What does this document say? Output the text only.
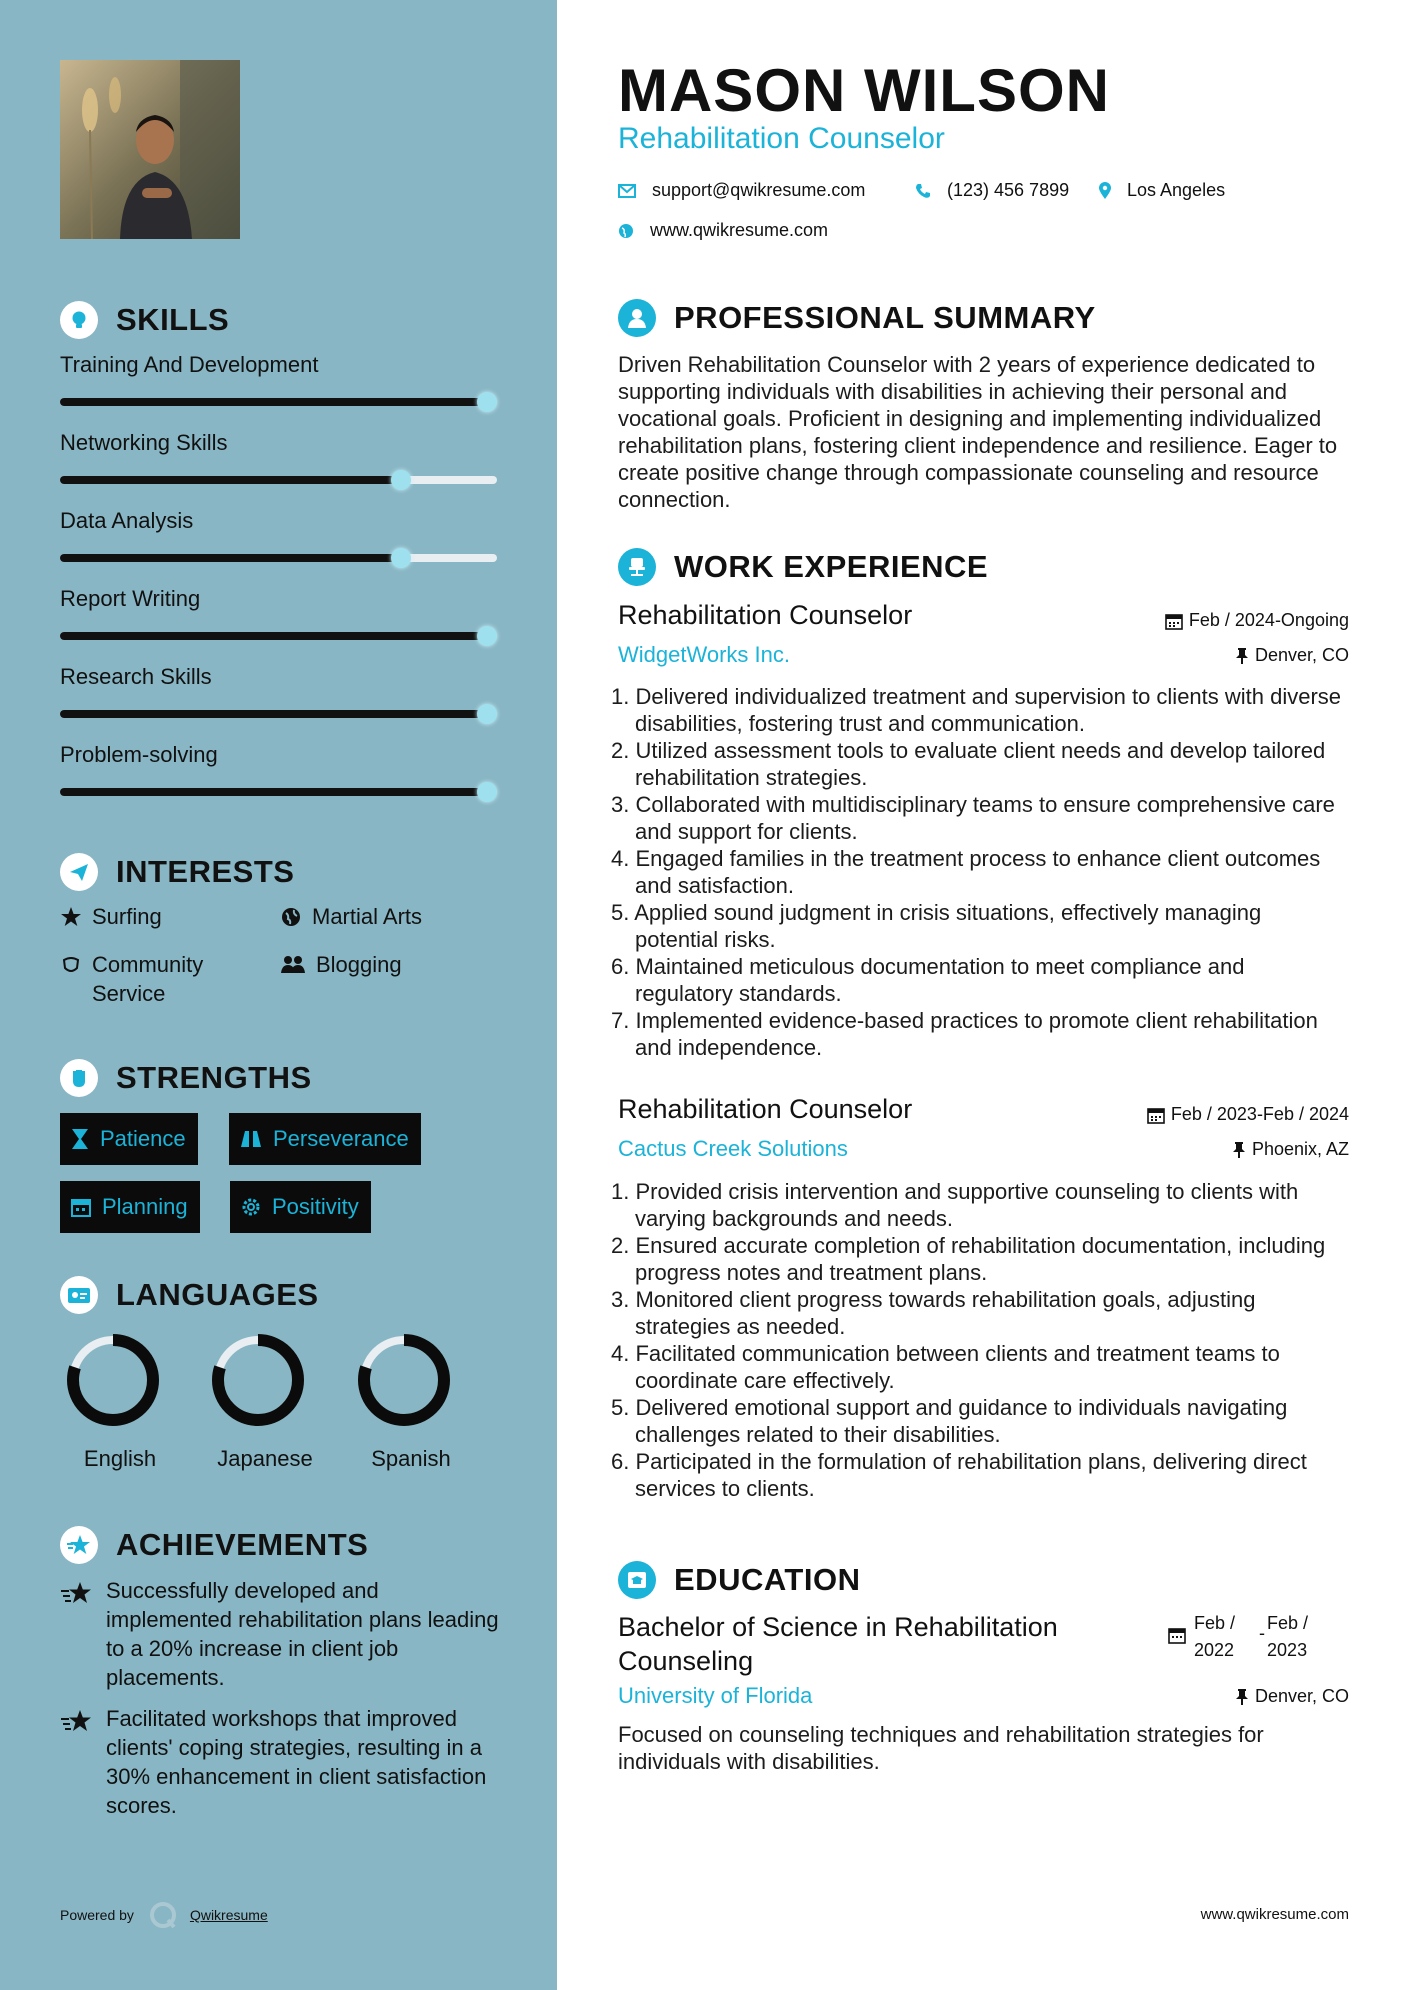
SKILLS
Training And Development
Networking Skills
Data Analysis
Report Writing
Research Skills
Problem-solving
INTERESTS
Surfing	Martial Arts
Community Service
Blogging
STRENGTHS
Patience	Perseverance
Planning	Positivity
LANGUAGES
English	Japanese	Spanish
ACHIEVEMENTS
Successfully developed and implemented rehabilitation plans leading to a 20% increase in client job placements.
Facilitated workshops that improved clients' coping strategies, resulting in a 30% enhancement in client satisfaction scores.
Powered by	Qwikresume
MASON WILSON
Rehabilitation Counselor
support@qwikresume.com	(123) 456 7899	Los Angeles
www.qwikresume.com
PROFESSIONAL SUMMARY
Driven Rehabilitation Counselor with 2 years of experience dedicated to supporting individuals with disabilities in achieving their personal and vocational goals. Proficient in designing and implementing individualized rehabilitation plans, fostering client independence and resilience. Eager to create positive change through compassionate counseling and resource connection.
WORK EXPERIENCE
Rehabilitation Counselor	Feb / 2024-Ongoing
WidgetWorks Inc.	Denver, CO
1. Delivered individualized treatment and supervision to clients with diverse disabilities, fostering trust and communication.
2. Utilized assessment tools to evaluate client needs and develop tailored rehabilitation strategies.
3. Collaborated with multidisciplinary teams to ensure comprehensive care and support for clients.
4. Engaged families in the treatment process to enhance client outcomes and satisfaction.
5. Applied sound judgment in crisis situations, effectively managing potential risks.
6. Maintained meticulous documentation to meet compliance and regulatory standards.
7. Implemented evidence-based practices to promote client rehabilitation and independence.
Rehabilitation Counselor	Feb / 2023-Feb / 2024
Cactus Creek Solutions	Phoenix, AZ
1. Provided crisis intervention and supportive counseling to clients with varying backgrounds and needs.
2. Ensured accurate completion of rehabilitation documentation, including progress notes and treatment plans.
3. Monitored client progress towards rehabilitation goals, adjusting strategies as needed.
4. Facilitated communication between clients and treatment teams to coordinate care effectively.
5. Delivered emotional support and guidance to individuals navigating challenges related to their disabilities.
6. Participated in the formulation of rehabilitation plans, delivering direct services to clients.
EDUCATION
Bachelor of Science in Rehabilitation Counseling
Feb /
2022
- Feb /
2023
University of Florida	Denver, CO
Focused on counseling techniques and rehabilitation strategies for individuals with disabilities.
www.qwikresume.com
